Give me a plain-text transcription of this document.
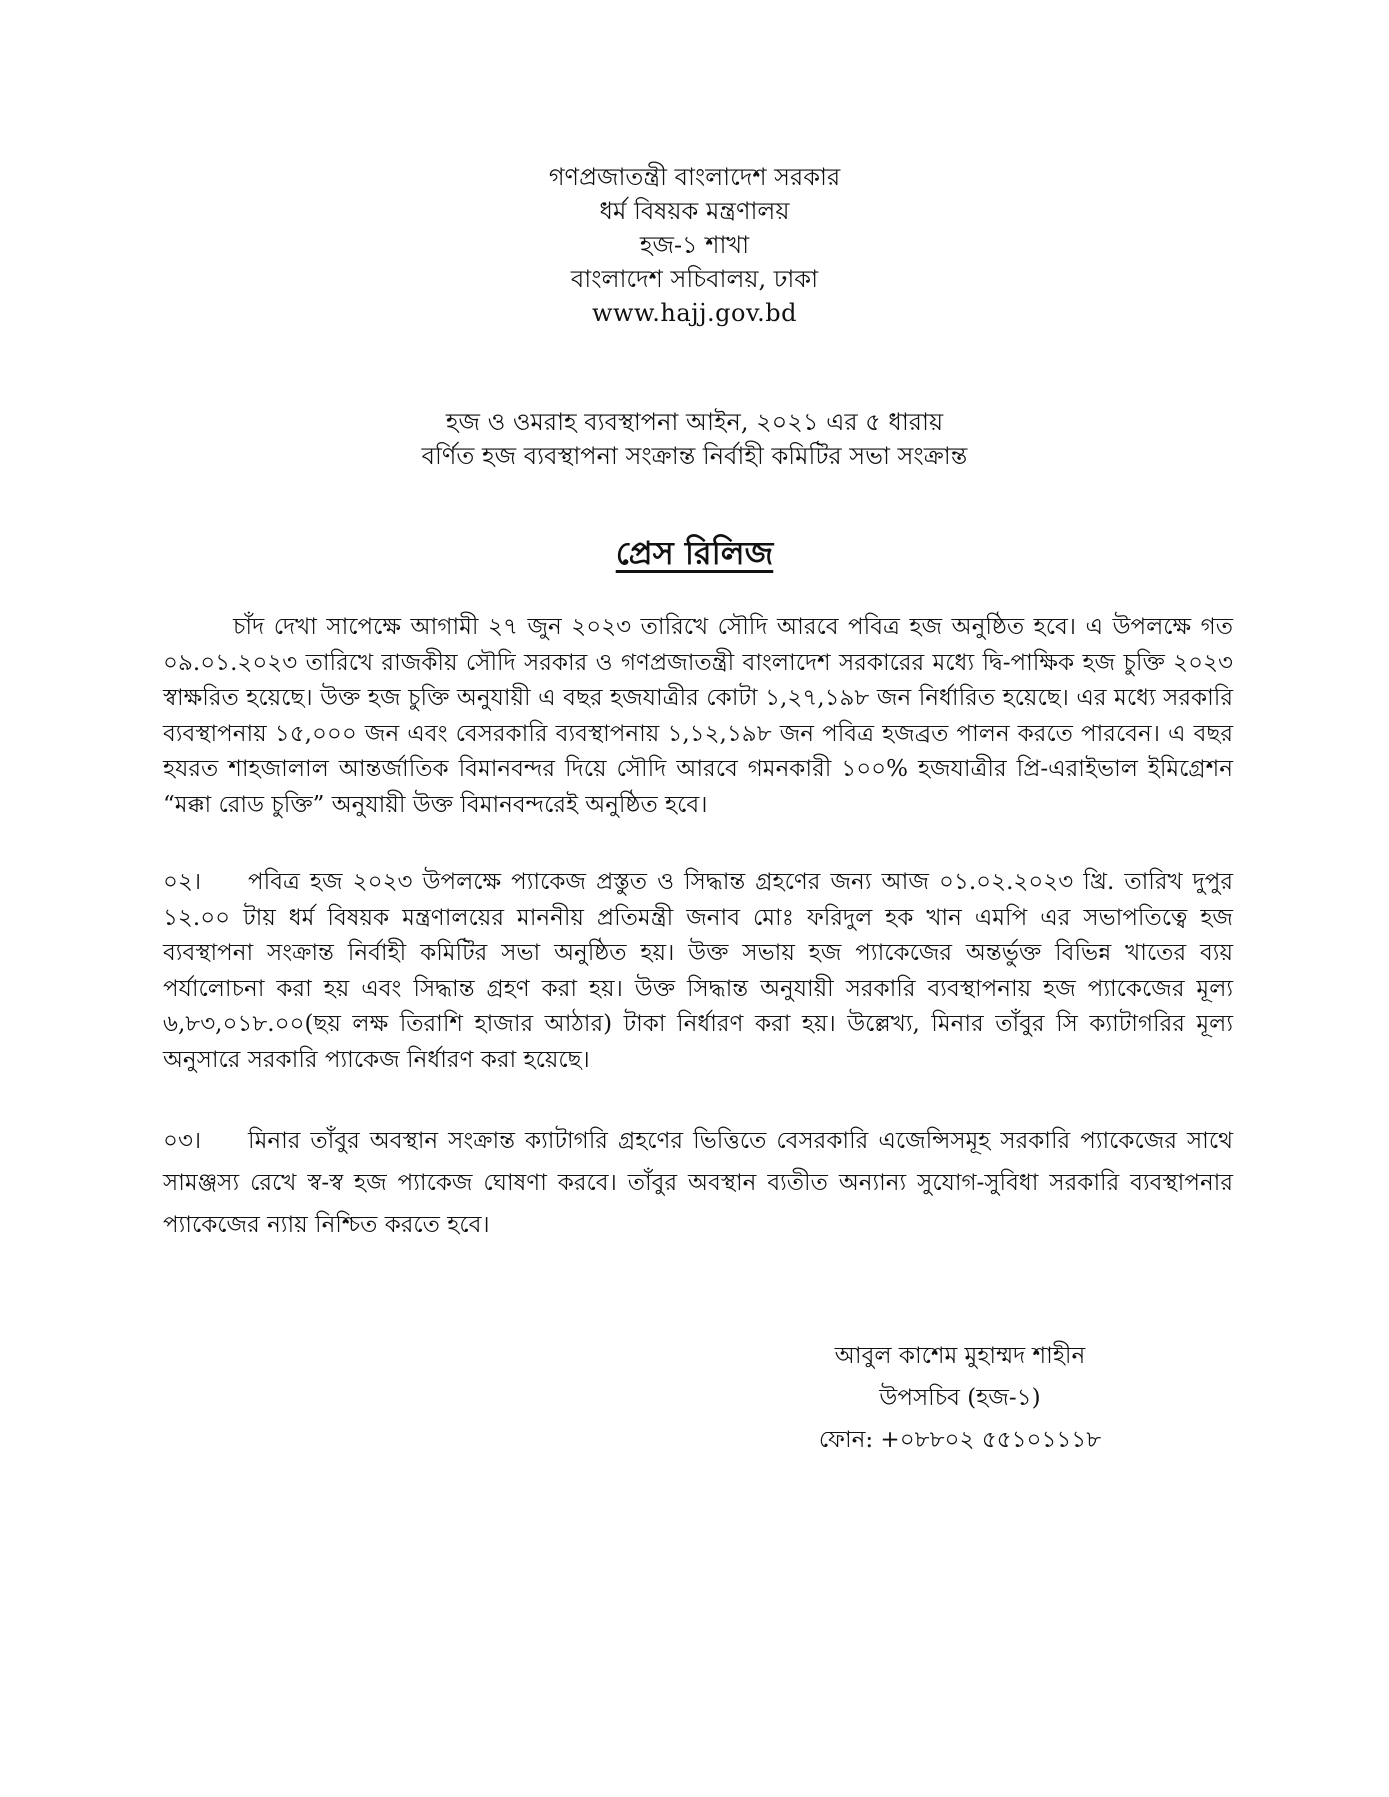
গণপ্রজাতন্ত্রী বাংলাদেশ সরকার
ধর্ম বিষয়ক মন্ত্রণালয়
হজ-১ শাখা
বাংলাদেশ সচিবালয়, ঢাকা
www.hajj.gov.bd
হজ ও ওমরাহ ব্যবস্থাপনা আইন, ২০২১ এর ৫ ধারায়
বর্ণিত হজ ব্যবস্থাপনা সংক্রান্ত নির্বাহী কমিটির সভা সংক্রান্ত
প্রেস রিলিজ
চাঁদ দেখা সাপেক্ষে আগামী ২৭ জুন ২০২৩ তারিখে সৌদি আরবে পবিত্র হজ অনুষ্ঠিত হবে। এ উপলক্ষে গত ০৯.০১.২০২৩ তারিখে রাজকীয় সৌদি সরকার ও গণপ্রজাতন্ত্রী বাংলাদেশ সরকারের মধ্যে দ্বি-পাক্ষিক হজ চুক্তি ২০২৩ স্বাক্ষরিত হয়েছে। উক্ত হজ চুক্তি অনুযায়ী এ বছর হজযাত্রীর কোটা ১,২৭,১৯৮ জন নির্ধারিত হয়েছে। এর মধ্যে সরকারি ব্যবস্থাপনায় ১৫,০০০ জন এবং বেসরকারি ব্যবস্থাপনায় ১,১২,১৯৮ জন পবিত্র হজব্রত পালন করতে পারবেন। এ বছর হযরত শাহজালাল আন্তর্জাতিক বিমানবন্দর দিয়ে সৌদি আরবে গমনকারী ১০০% হজযাত্রীর প্রি-এরাইভাল ইমিগ্রেশন “মক্কা রোড চুক্তি” অনুযায়ী উক্ত বিমানবন্দরেই অনুষ্ঠিত হবে।
০২। পবিত্র হজ ২০২৩ উপলক্ষে প্যাকেজ প্রস্তুত ও সিদ্ধান্ত গ্রহণের জন্য আজ ০১.০২.২০২৩ খ্রি. তারিখ দুপুর ১২.০০ টায় ধর্ম বিষয়ক মন্ত্রণালয়ের মাননীয় প্রতিমন্ত্রী জনাব মোঃ ফরিদুল হক খান এমপি এর সভাপতিত্বে হজ ব্যবস্থাপনা সংক্রান্ত নির্বাহী কমিটির সভা অনুষ্ঠিত হয়। উক্ত সভায় হজ প্যাকেজের অন্তর্ভুক্ত বিভিন্ন খাতের ব্যয় পর্যালোচনা করা হয় এবং সিদ্ধান্ত গ্রহণ করা হয়। উক্ত সিদ্ধান্ত অনুযায়ী সরকারি ব্যবস্থাপনায় হজ প্যাকেজের মূল্য ৬,৮৩,০১৮.০০(ছয় লক্ষ তিরাশি হাজার আঠার) টাকা নির্ধারণ করা হয়। উল্লেখ্য, মিনার তাঁবুর সি ক্যাটাগরির মূল্য অনুসারে সরকারি প্যাকেজ নির্ধারণ করা হয়েছে।
০৩। মিনার তাঁবুর অবস্থান সংক্রান্ত ক্যাটাগরি গ্রহণের ভিত্তিতে বেসরকারি এজেন্সিসমূহ সরকারি প্যাকেজের সাথে সামঞ্জস্য রেখে স্ব-স্ব হজ প্যাকেজ ঘোষণা করবে। তাঁবুর অবস্থান ব্যতীত অন্যান্য সুযোগ-সুবিধা সরকারি ব্যবস্থাপনার প্যাকেজের ন্যায় নিশ্চিত করতে হবে।
আবুল কাশেম মুহাম্মদ শাহীন
উপসচিব (হজ-১)
ফোন: +০৮৮০২ ৫৫১০১১১৮
